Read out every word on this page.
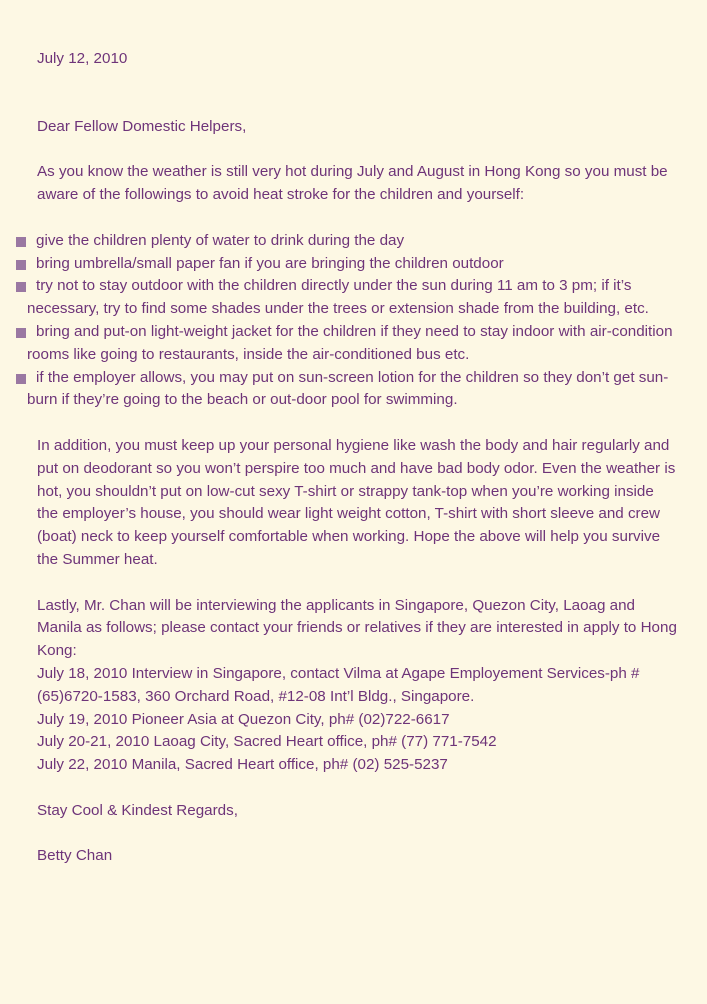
July 12, 2010

Dear Fellow Domestic Helpers,

As you know the weather is still very hot during July and August in Hong Kong so you must be aware of the followings to avoid heat stroke for the children and yourself:

give the children plenty of water to drink during the day
bring umbrella/small paper fan if you are bringing the children outdoor
try not to stay outdoor with the children directly under the sun during 11 am to 3 pm; if it’s necessary, try to find some shades under the trees or extension shade from the building, etc.
bring and put-on light-weight jacket for the children if they need to stay indoor with air-condition rooms like going to restaurants, inside the air-conditioned bus etc.
if the employer allows, you may put on sun-screen lotion for the children so they don’t get sun-burn if they’re going to the beach or out-door pool for swimming.

In addition, you must keep up your personal hygiene like wash the body and hair regularly and put on deodorant so you won’t perspire too much and have bad body odor. Even the weather is hot, you shouldn’t put on low-cut sexy T-shirt or strappy tank-top when you’re working inside the employer’s house, you should wear light weight cotton, T-shirt with short sleeve and crew (boat) neck to keep yourself comfortable when working. Hope the above will help you survive the Summer heat.

Lastly, Mr. Chan will be interviewing the applicants in Singapore, Quezon City, Laoag and Manila as follows; please contact your friends or relatives if they are interested in apply to Hong Kong:

July 18, 2010 Interview in Singapore, contact Vilma at Agape Employement Services-ph # (65)6720-1583, 360 Orchard Road, #12-08 Int’l Bldg., Singapore.

July 19, 2010 Pioneer Asia at Quezon City, ph# (02)722-6617

July 20-21, 2010 Laoag City, Sacred Heart office, ph# (77) 771-7542

July 22, 2010 Manila, Sacred Heart office, ph# (02) 525-5237

Stay Cool & Kindest Regards,

Betty Chan
